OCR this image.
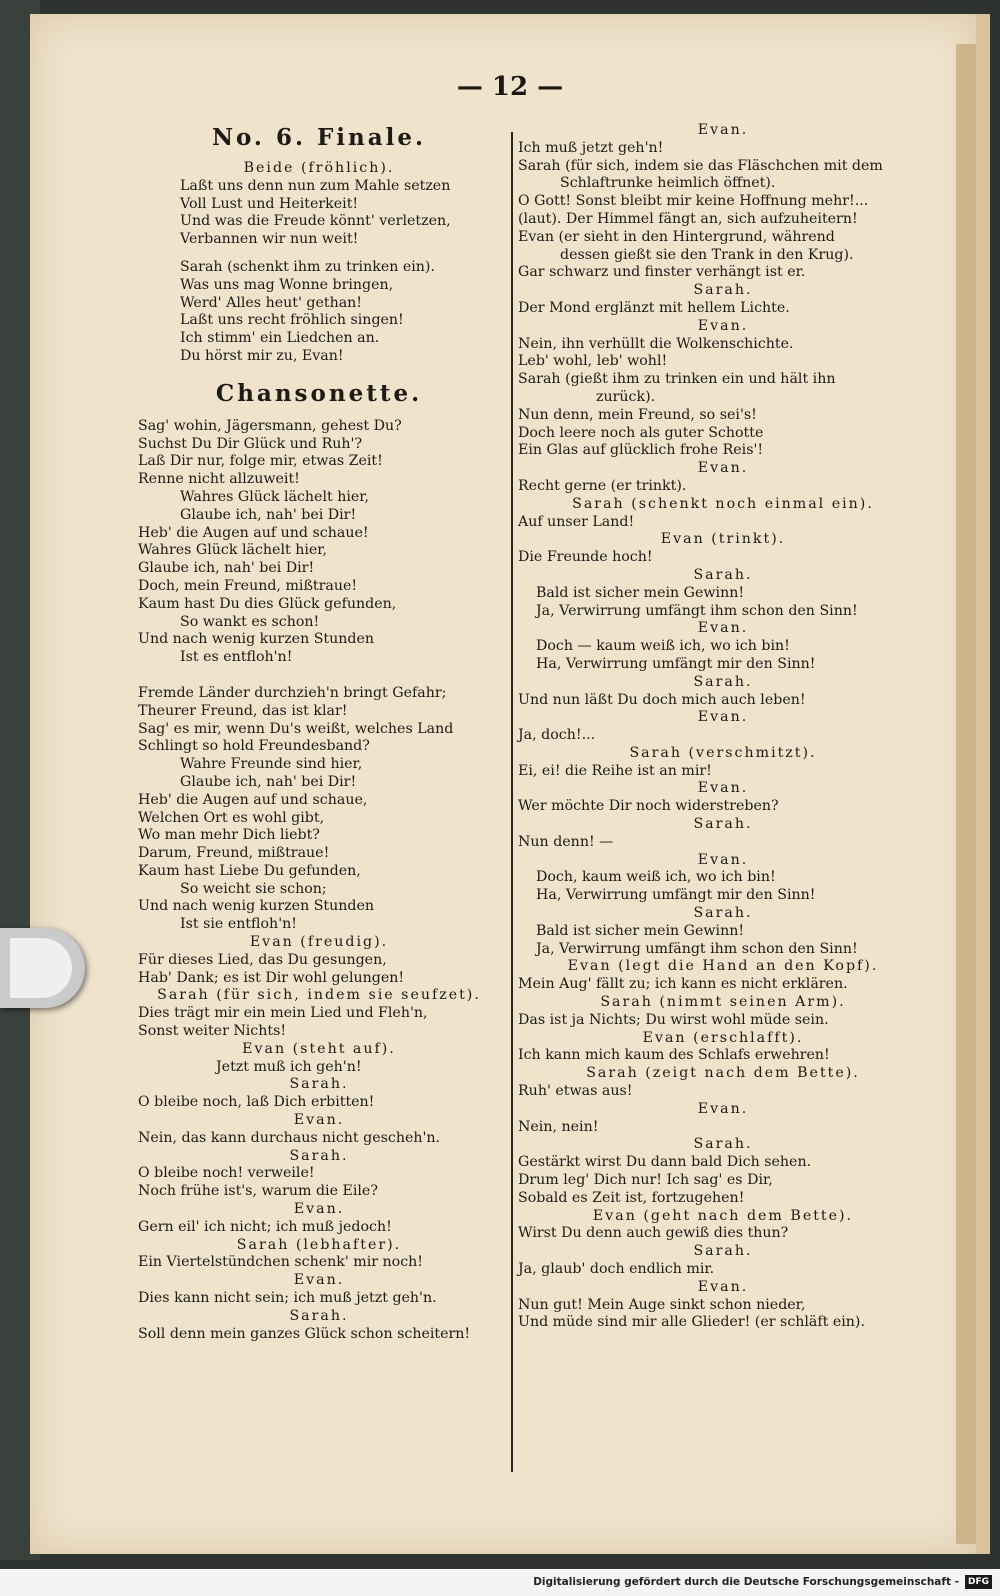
— 12 —
No. 6. Finale.
Beide (fröhlich).
Laßt uns denn nun zum Mahle setzen
Voll Lust und Heiterkeit!
Und was die Freude könnt' verletzen,
Verbannen wir nun weit!
Sarah (schenkt ihm zu trinken ein).
Was uns mag Wonne bringen,
Werd' Alles heut' gethan!
Laßt uns recht fröhlich singen!
Ich stimm' ein Liedchen an.
Du hörst mir zu, Evan!
Chansonette.
Sag' wohin, Jägersmann, gehest Du?
Suchst Du Dir Glück und Ruh'?
Laß Dir nur, folge mir, etwas Zeit!
Renne nicht allzuweit!
Wahres Glück lächelt hier,
Glaube ich, nah' bei Dir!
Heb' die Augen auf und schaue!
Wahres Glück lächelt hier,
Glaube ich, nah' bei Dir!
Doch, mein Freund, mißtraue!
Kaum hast Du dies Glück gefunden,
So wankt es schon!
Und nach wenig kurzen Stunden
Ist es entfloh'n!
Fremde Länder durchzieh'n bringt Gefahr;
Theurer Freund, das ist klar!
Sag' es mir, wenn Du's weißt, welches Land
Schlingt so hold Freundesband?
Wahre Freunde sind hier,
Glaube ich, nah' bei Dir!
Heb' die Augen auf und schaue,
Welchen Ort es wohl gibt,
Wo man mehr Dich liebt?
Darum, Freund, mißtraue!
Kaum hast Liebe Du gefunden,
So weicht sie schon;
Und nach wenig kurzen Stunden
Ist sie entfloh'n!
Evan (freudig).
Für dieses Lied, das Du gesungen,
Hab' Dank; es ist Dir wohl gelungen!
Sarah (für sich, indem sie seufzet).
Dies trägt mir ein mein Lied und Fleh'n,
Sonst weiter Nichts!
Evan (steht auf).
Jetzt muß ich geh'n!
Sarah.
O bleibe noch, laß Dich erbitten!
Evan.
Nein, das kann durchaus nicht gescheh'n.
Sarah.
O bleibe noch! verweile!
Noch frühe ist's, warum die Eile?
Evan.
Gern eil' ich nicht; ich muß jedoch!
Sarah (lebhafter).
Ein Viertelstündchen schenk' mir noch!
Evan.
Dies kann nicht sein; ich muß jetzt geh'n.
Sarah.
Soll denn mein ganzes Glück schon scheitern!
Evan.
Ich muß jetzt geh'n!
Sarah (für sich, indem sie das Fläschchen mit dem
Schlaftrunke heimlich öffnet).
O Gott! Sonst bleibt mir keine Hoffnung mehr!...
(laut). Der Himmel fängt an, sich aufzuheitern!
Evan (er sieht in den Hintergrund, während
dessen gießt sie den Trank in den Krug).
Gar schwarz und finster verhängt ist er.
Sarah.
Der Mond erglänzt mit hellem Lichte.
Evan.
Nein, ihn verhüllt die Wolkenschichte.
Leb' wohl, leb' wohl!
Sarah (gießt ihm zu trinken ein und hält ihn
zurück).
Nun denn, mein Freund, so sei's!
Doch leere noch als guter Schotte
Ein Glas auf glücklich frohe Reis'!
Evan.
Recht gerne (er trinkt).
Sarah (schenkt noch einmal ein).
Auf unser Land!
Evan (trinkt).
Die Freunde hoch!
Sarah.
Bald ist sicher mein Gewinn!
Ja, Verwirrung umfängt ihm schon den Sinn!
Evan.
Doch — kaum weiß ich, wo ich bin!
Ha, Verwirrung umfängt mir den Sinn!
Sarah.
Und nun läßt Du doch mich auch leben!
Evan.
Ja, doch!...
Sarah (verschmitzt).
Ei, ei! die Reihe ist an mir!
Evan.
Wer möchte Dir noch widerstreben?
Sarah.
Nun denn! —
Evan.
Doch, kaum weiß ich, wo ich bin!
Ha, Verwirrung umfängt mir den Sinn!
Sarah.
Bald ist sicher mein Gewinn!
Ja, Verwirrung umfängt ihm schon den Sinn!
Evan (legt die Hand an den Kopf).
Mein Aug' fällt zu; ich kann es nicht erklären.
Sarah (nimmt seinen Arm).
Das ist ja Nichts; Du wirst wohl müde sein.
Evan (erschlafft).
Ich kann mich kaum des Schlafs erwehren!
Sarah (zeigt nach dem Bette).
Ruh' etwas aus!
Evan.
Nein, nein!
Sarah.
Gestärkt wirst Du dann bald Dich sehen.
Drum leg' Dich nur! Ich sag' es Dir,
Sobald es Zeit ist, fortzugehen!
Evan (geht nach dem Bette).
Wirst Du denn auch gewiß dies thun?
Sarah.
Ja, glaub' doch endlich mir.
Evan.
Nun gut! Mein Auge sinkt schon nieder,
Und müde sind mir alle Glieder! (er schläft ein).
Digitalisierung gefördert durch die Deutsche Forschungsgemeinschaft - DFG
